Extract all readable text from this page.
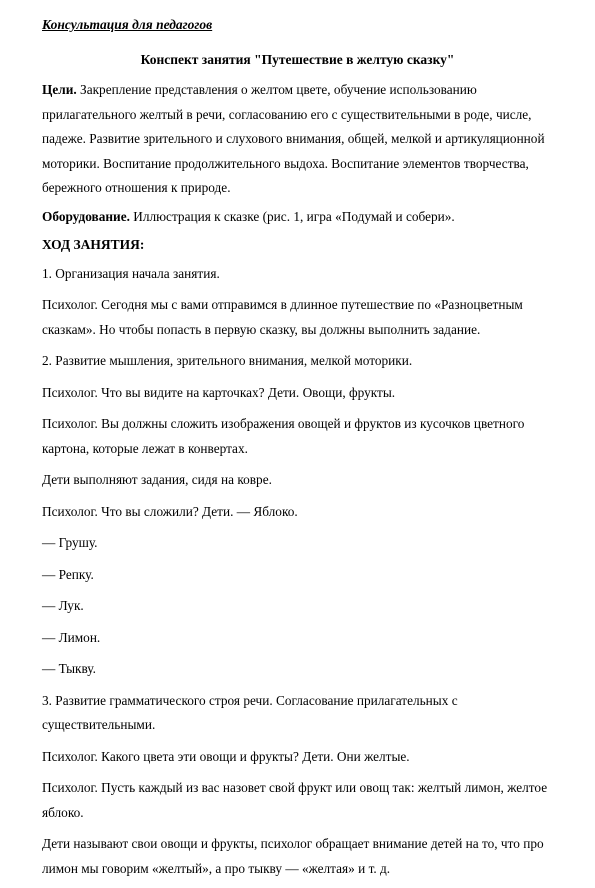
Консультация для педагогов
Конспект занятия "Путешествие в желтую сказку"

Цели. Закрепление представления о желтом цвете, обучение использованию прилагательного желтый в речи, согласованию его с существительными в роде, числе, падеже. Развитие зрительного и слухового внимания, общей, мелкой и артикуляционной моторики. Воспитание продолжительного выдоха. Воспитание элементов творчества, бережного отношения к природе.

Оборудование. Иллюстрация к сказке (рис. 1, игра «Подумай и собери».

ХОД ЗАНЯТИЯ:

1. Организация начала занятия.

Психолог. Сегодня мы с вами отправимся в длинное путешествие по «Разноцветным сказкам». Но чтобы попасть в первую сказку, вы должны выполнить задание.

2. Развитие мышления, зрительного внимания, мелкой моторики.

Психолог. Что вы видите на карточках? Дети. Овощи, фрукты.

Психолог. Вы должны сложить изображения овощей и фруктов из кусочков цветного картона, которые лежат в конвертах.

Дети выполняют задания, сидя на ковре.

Психолог. Что вы сложили? Дети. — Яблоко.

— Грушу.

— Репку.

— Лук.

— Лимон.

— Тыкву.

3. Развитие грамматического строя речи. Согласование прилагательных с существительными.

Психолог. Какого цвета эти овощи и фрукты? Дети. Они желтые.

Психолог. Пусть каждый из вас назовет свой фрукт или овощ так: желтый лимон, желтое яблоко.

Дети называют свои овощи и фрукты, психолог обращает внимание детей на то, что про лимон мы говорим «желтый», а про тыкву — «желтая» и т. д.
